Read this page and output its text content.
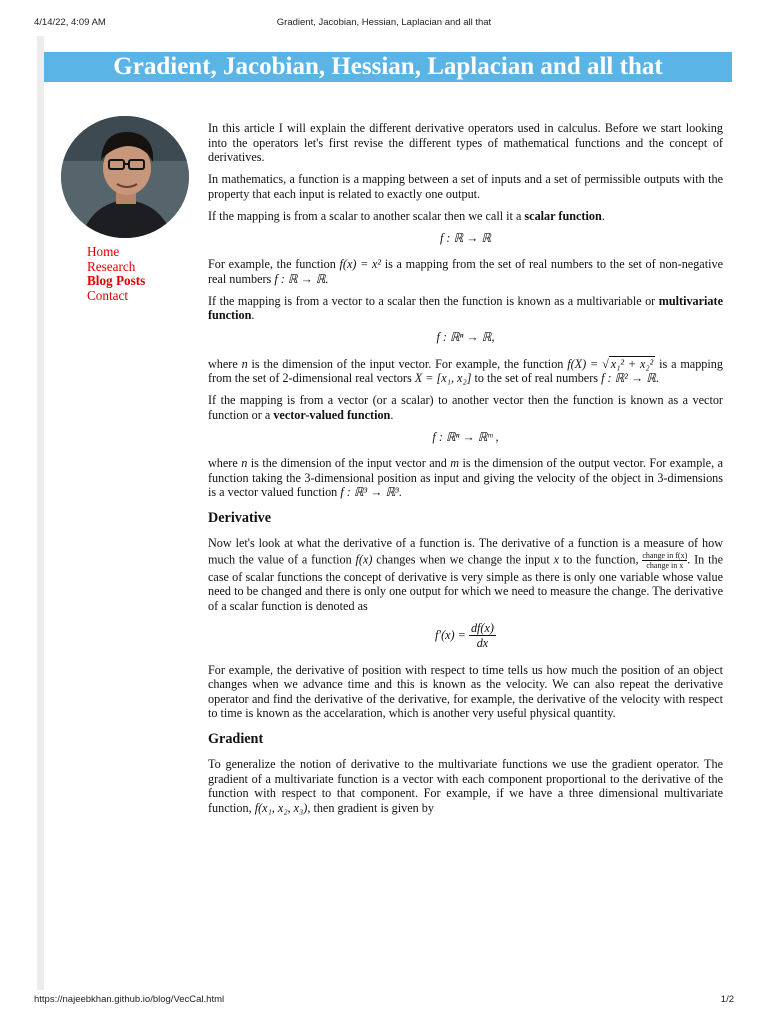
4/14/22, 4:09 AM	Gradient, Jacobian, Hessian, Laplacian and all that
Gradient, Jacobian, Hessian, Laplacian and all that
Home
Research
Blog Posts
Contact

In this article I will explain the different derivative operators used in calculus. Before we start looking into the operators let's first revise the different types of mathematical functions and the concept of derivatives.

In mathematics, a function is a mapping between a set of inputs and a set of permissible outputs with the property that each input is related to exactly one output.

If the mapping is from a scalar to another scalar then we call it a scalar function.

f : ℝ → ℝ

For example, the function f(x) = x² is a mapping from the set of real numbers to the set of non-negative real numbers f : ℝ → ℝ.

If the mapping is from a vector to a scalar then the function is known as a multivariable or multivariate function.

f : ℝⁿ → ℝ,

where n is the dimension of the input vector. For example, the function f(X) = √ x₁² + x₂² is a mapping from the set of 2-dimensional real vectors X = [x₁, x₂] to the set of real numbers f : ℝ² → ℝ.

If the mapping is from a vector (or a scalar) to another vector then the function is known as a vector function or a vector-valued function.

f : ℝⁿ → ℝᵐ ,

where n is the dimension of the input vector and m is the dimension of the output vector. For example, a function taking the 3-dimensional position as input and giving the velocity of the object in 3-dimensions is a vector valued function f : ℝ³ → ℝ³.

Derivative

Now let's look at what the derivative of a function is. The derivative of a function is a measure of how much the value of a function f(x) changes when we change the input x to the function, $\frac{\text{change in f(x)}}{\text{change in x}}$ . In the case of scalar functions the concept of derivative is very simple as there is only one variable whose value need to be changed and there is only one output for which we need to measure the change. The derivative of a scalar function is denoted as

$f'(x) = \frac{df(x)}{dx}$

For example, the derivative of position with respect to time tells us how much the position of an object changes when we advance time and this is known as the velocity. We can also repeat the derivative operator and find the derivative of the derivative, for example, the derivative of the velocity with respect to time is known as the accelaration, which is another very useful physical quantity.

Gradient

To generalize the notion of derivative to the multivariate functions we use the gradient operator. The gradient of a multivariate function is a vector with each component proportional to the derivative of the function with respect to that component. For example, if we have a three dimensional multivariate function, f(x₁, x₂, x₃), then gradient is given by

https://najeebkhan.github.io/blog/VecCal.html	1/2
